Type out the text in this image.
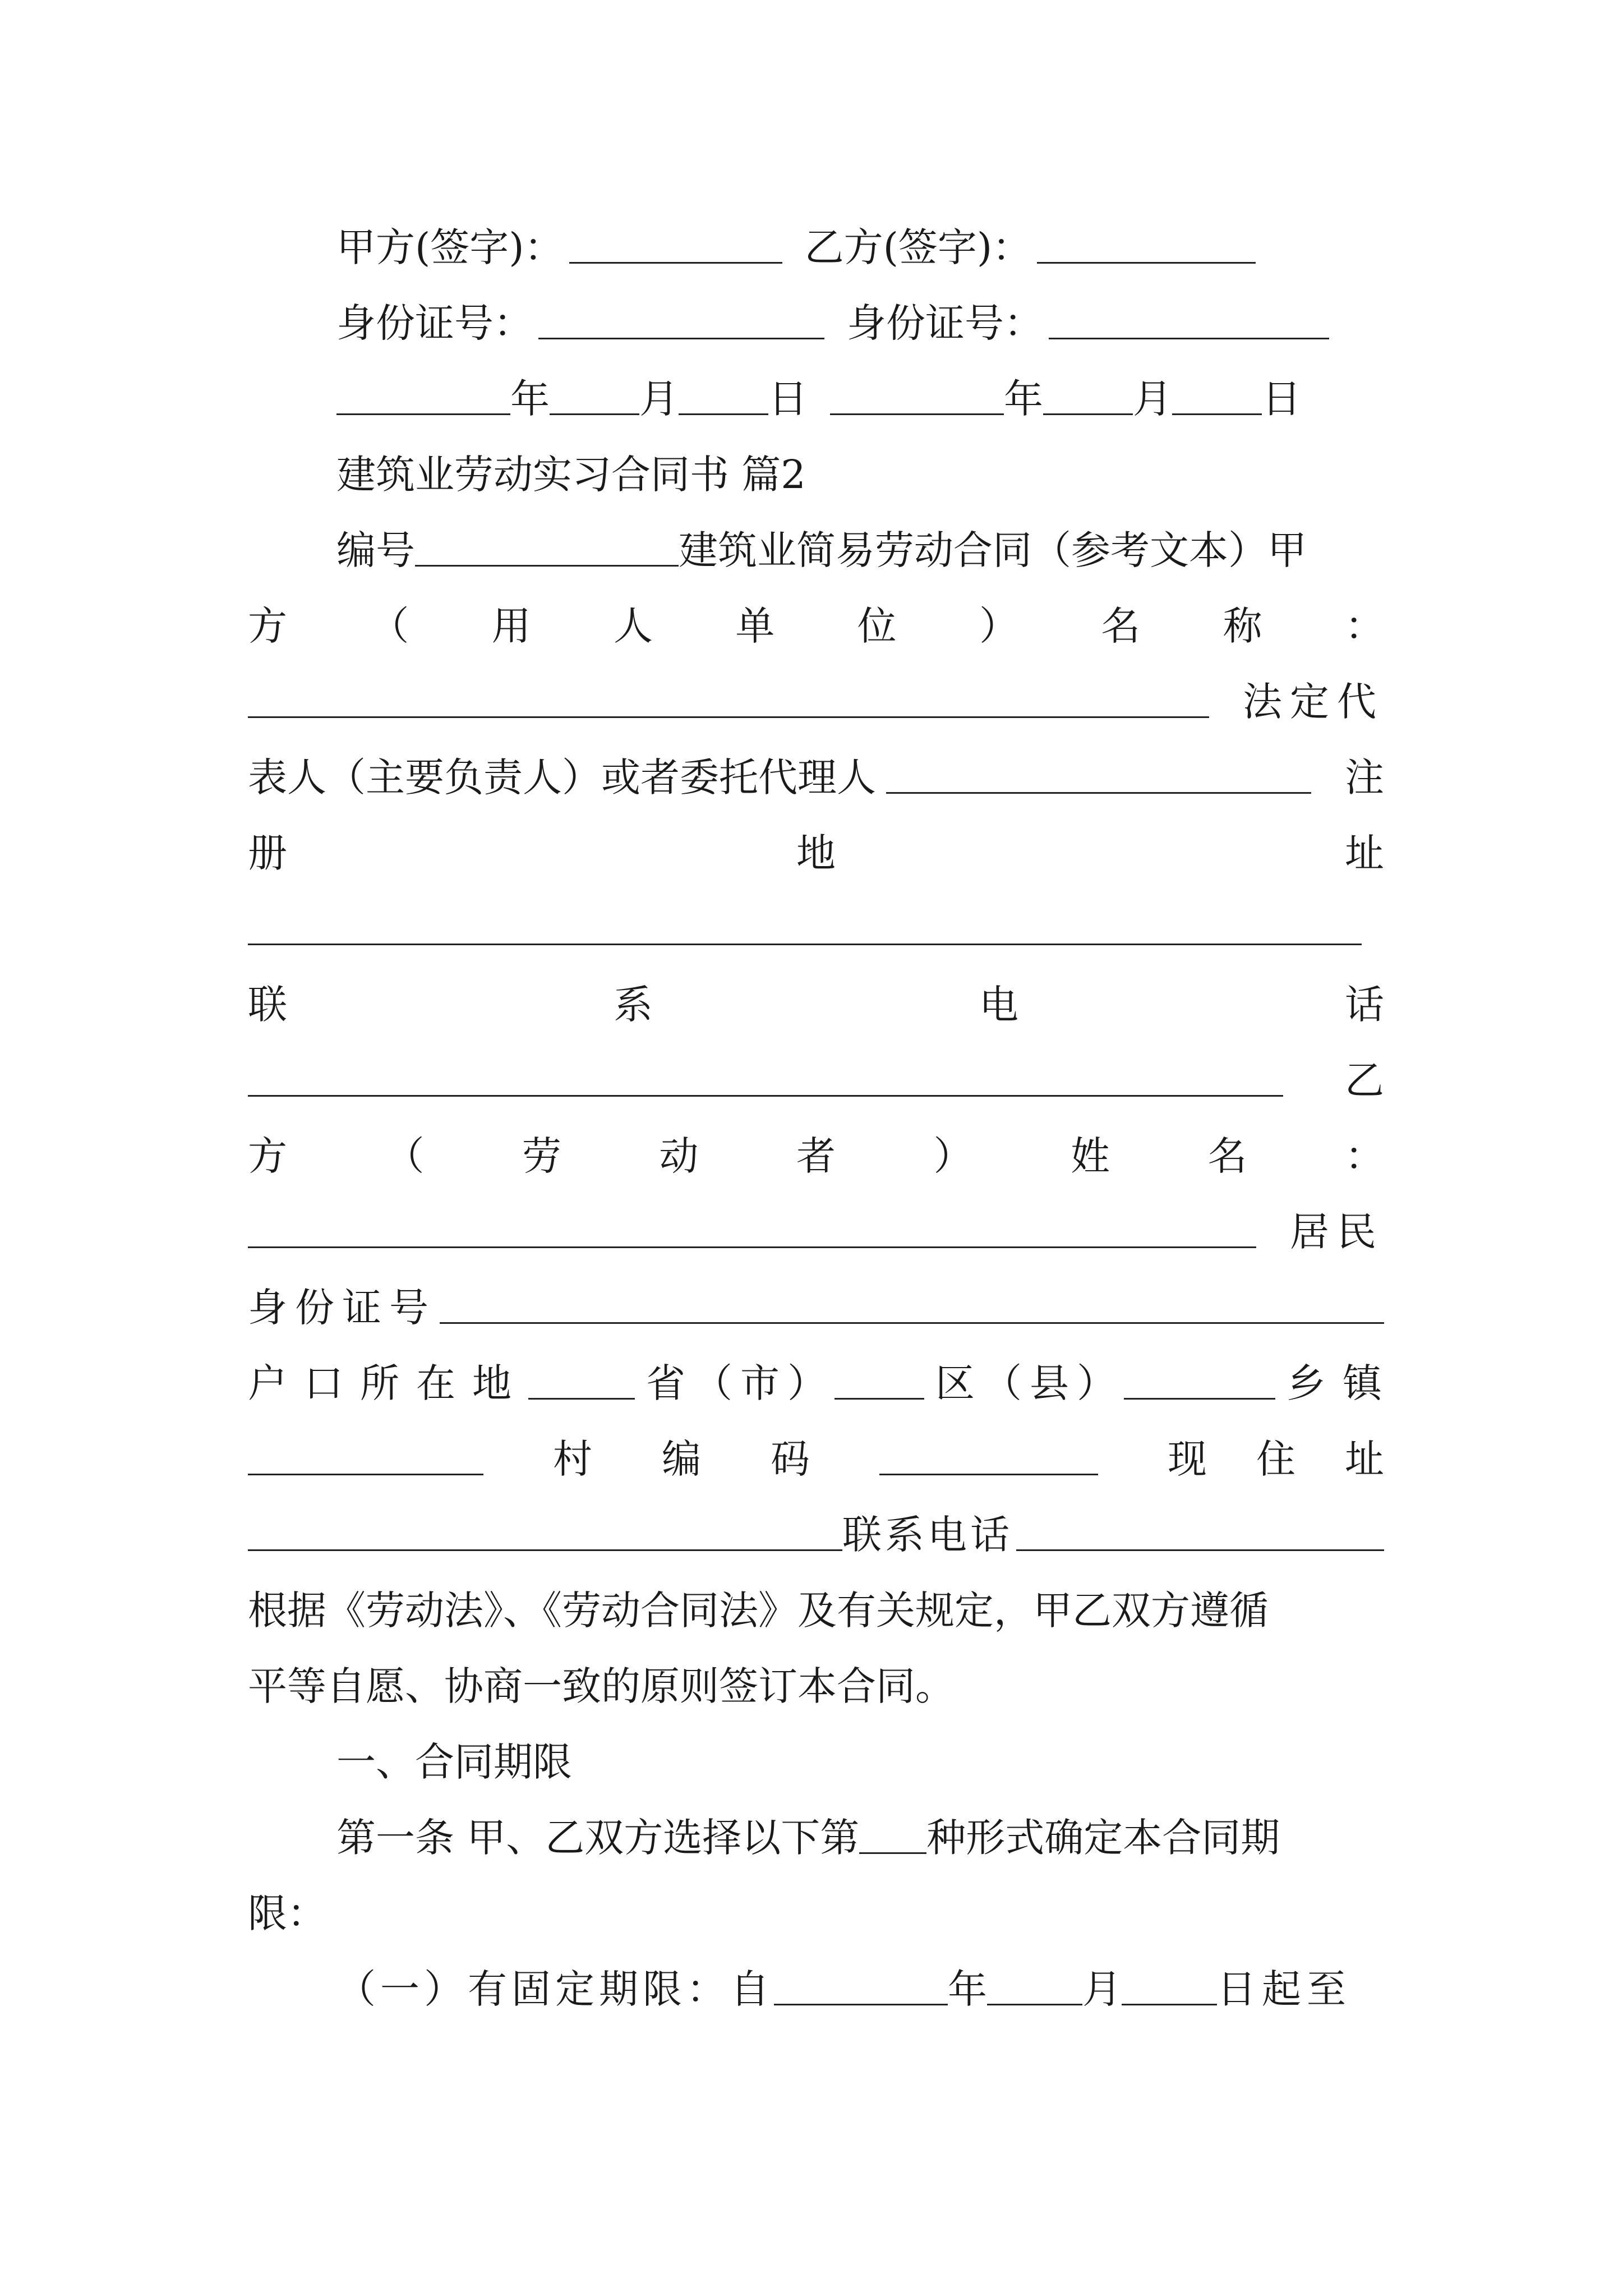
甲方(签字)：	乙方(签字)：
身份证号：	身份证号：
年 月 日	年 月 日
建筑业劳动实习合同书 篇2
编号	建筑业简易劳动合同（参考文本）甲
方 （ 用 人 单 位 ） 名 称 ：
法定代
表人（主要负责人）或者委托代理人	注
册	地	址
联	系	电	话
乙
方 （ 劳 动 者 ） 姓 名 ：
居民
身份证号
户口所在地	省（市）	区（县）	乡镇
村 编 码	现住址
联系电话
根据《劳动法》、《劳动合同法》及有关规定，甲乙双方遵循
平等自愿、协商一致的原则签订本合同。
一、合同期限
第一条 甲、乙双方选择以下第 种形式确定本合同期
限：
（一）有固定期限：自	年 月 日起至
